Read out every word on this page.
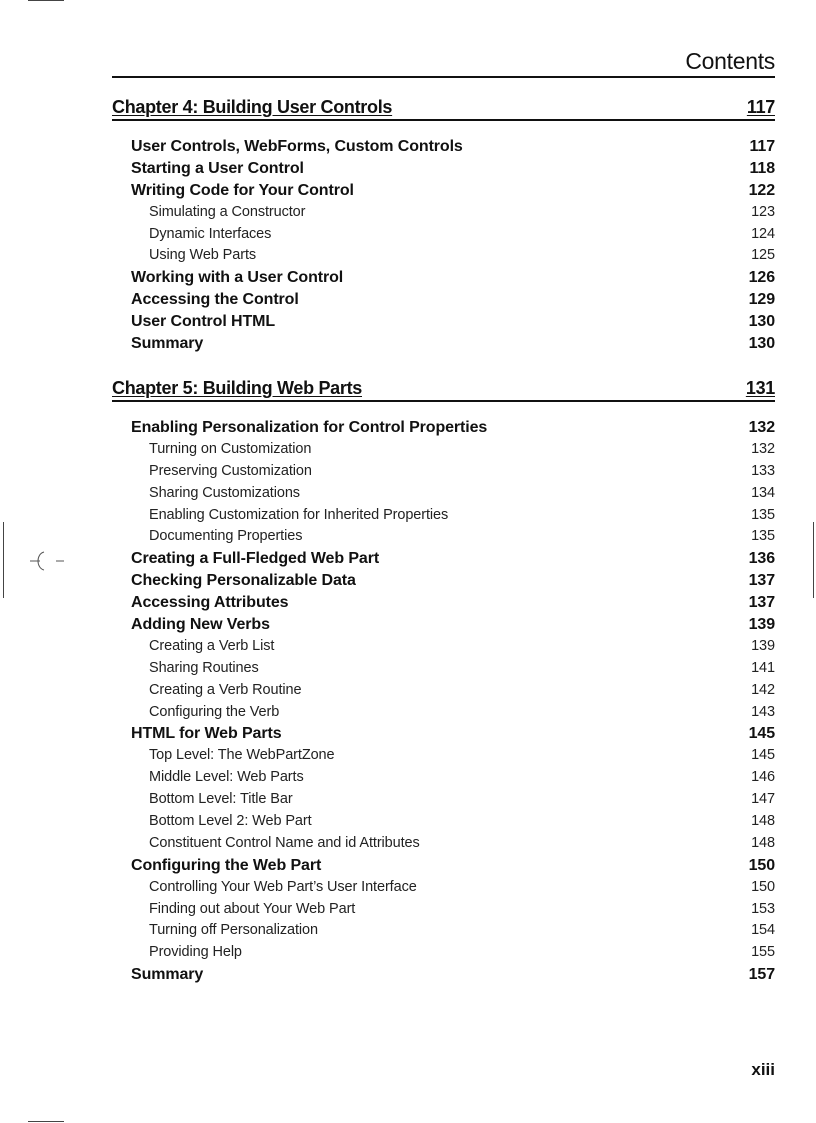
Contents
Chapter 4: Building User Controls	117
User Controls, WebForms, Custom Controls	117
Starting a User Control	118
Writing Code for Your Control	122
Simulating a Constructor	123
Dynamic Interfaces	124
Using Web Parts	125
Working with a User Control	126
Accessing the Control	129
User Control HTML	130
Summary	130
Chapter 5: Building Web Parts	131
Enabling Personalization for Control Properties	132
Turning on Customization	132
Preserving Customization	133
Sharing Customizations	134
Enabling Customization for Inherited Properties	135
Documenting Properties	135
Creating a Full-Fledged Web Part	136
Checking Personalizable Data	137
Accessing Attributes	137
Adding New Verbs	139
Creating a Verb List	139
Sharing Routines	141
Creating a Verb Routine	142
Configuring the Verb	143
HTML for Web Parts	145
Top Level: The WebPartZone	145
Middle Level: Web Parts	146
Bottom Level: Title Bar	147
Bottom Level 2: Web Part	148
Constituent Control Name and id Attributes	148
Configuring the Web Part	150
Controlling Your Web Part’s User Interface	150
Finding out about Your Web Part	153
Turning off Personalization	154
Providing Help	155
Summary	157
xiii
